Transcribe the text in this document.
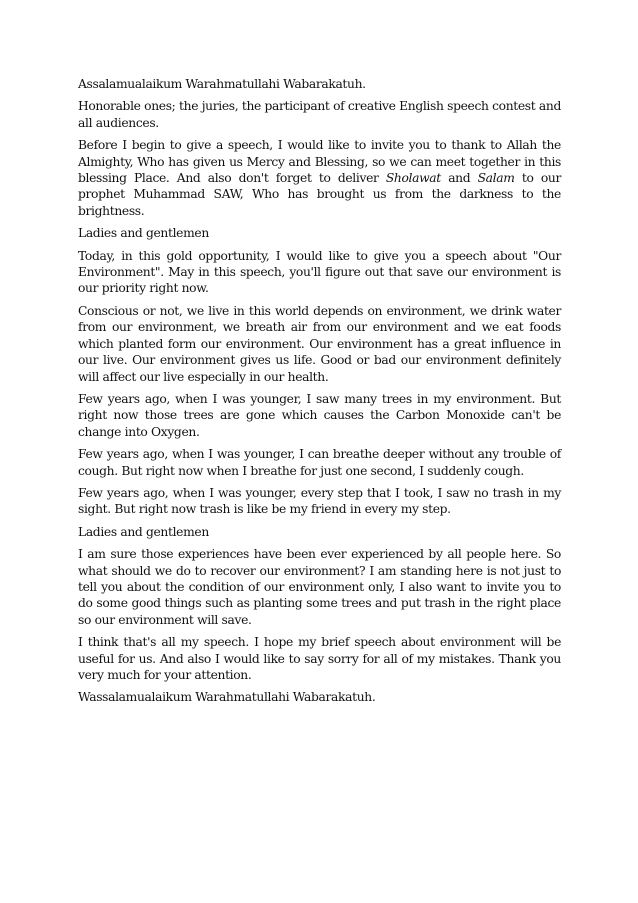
Assalamualaikum Warahmatullahi Wabarakatuh.

Honorable ones; the juries, the participant of creative English speech contest and all audiences.

Before I begin to give a speech, I would like to invite you to thank to Allah the Almighty, Who has given us Mercy and Blessing, so we can meet together in this blessing Place. And also don't forget to deliver Sholawat and Salam to our prophet Muhammad SAW, Who has brought us from the darkness to the brightness.

Ladies and gentlemen

Today, in this gold opportunity, I would like to give you a speech about "Our Environment". May in this speech, you'll figure out that save our environment is our priority right now.

Conscious or not, we live in this world depends on environment, we drink water from our environment, we breath air from our environment and we eat foods which planted form our environment. Our environment has a great influence in our live. Our environment gives us life. Good or bad our environment definitely will affect our live especially in our health.

Few years ago, when I was younger, I saw many trees in my environment. But right now those trees are gone which causes the Carbon Monoxide can't be change into Oxygen.

Few years ago, when I was younger, I can breathe deeper without any trouble of cough. But right now when I breathe for just one second, I suddenly cough.

Few years ago, when I was younger, every step that I took, I saw no trash in my sight. But right now trash is like be my friend in every my step.

Ladies and gentlemen

I am sure those experiences have been ever experienced by all people here. So what should we do to recover our environment? I am standing here is not just to tell you about the condition of our environment only, I also want to invite you to do some good things such as planting some trees and put trash in the right place so our environment will save.

I think that's all my speech. I hope my brief speech about environment will be useful for us. And also I would like to say sorry for all of my mistakes. Thank you very much for your attention.

Wassalamualaikum Warahmatullahi Wabarakatuh.
